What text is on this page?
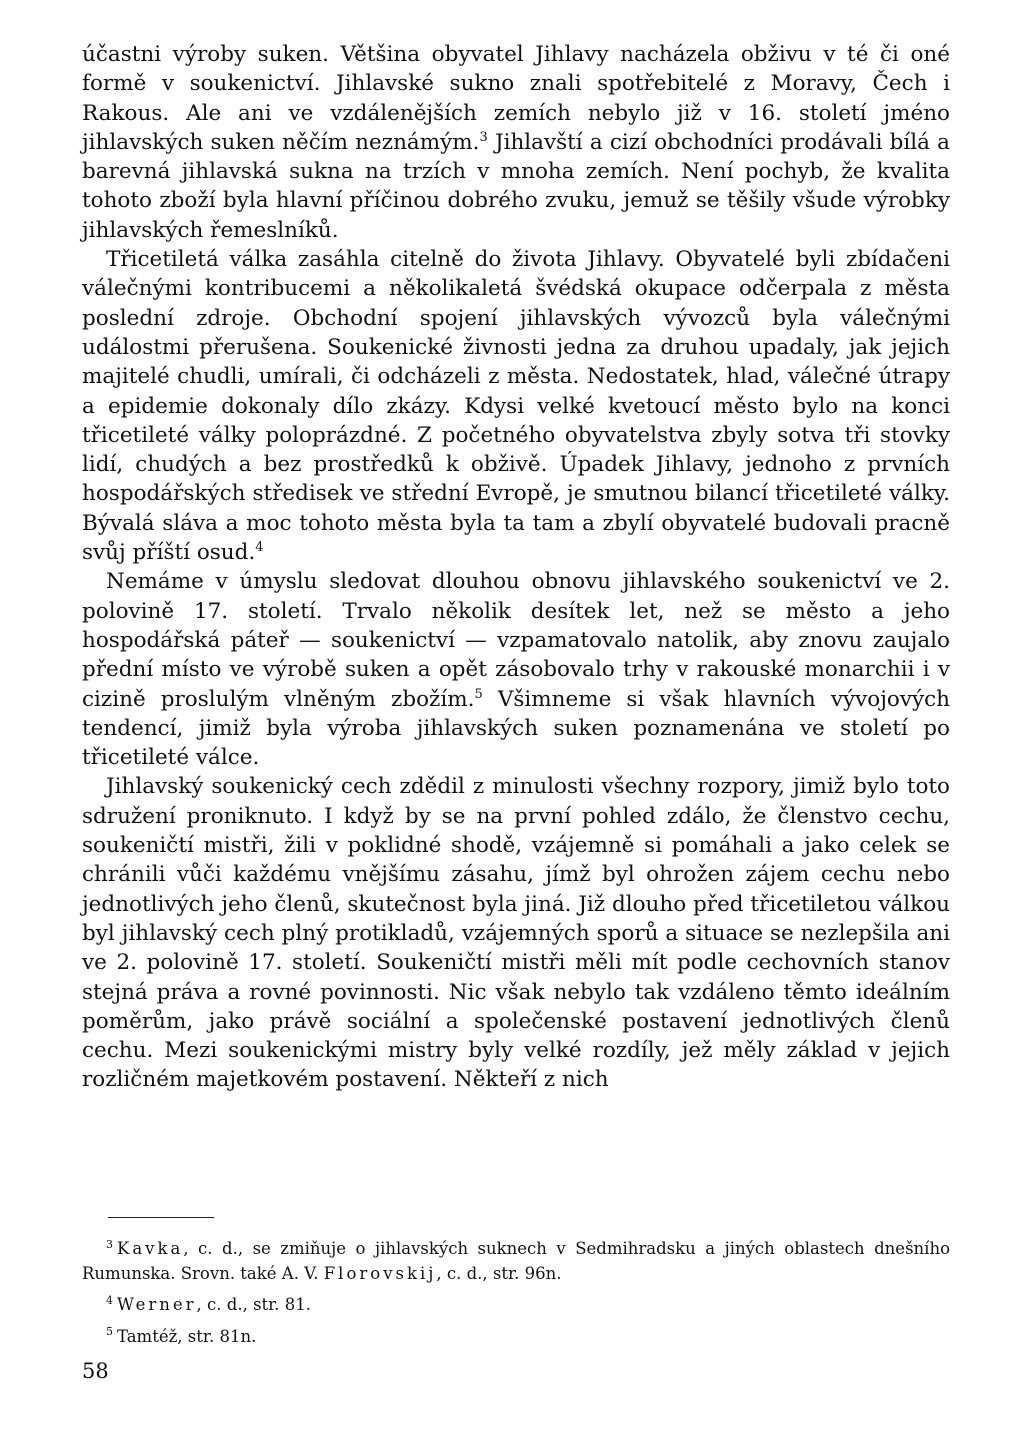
účastni výroby suken. Většina obyvatel Jihlavy nacházela obživu v té či oné formě v soukenictví. Jihlavské sukno znali spotřebitelé z Moravy, Čech i Rakous. Ale ani ve vzdálenějších zemích nebylo již v 16. století jméno jihlavských suken něčím neznámým.$^3$ Jihlavští a cizí obchodníci prodávali bílá a barevná jihlavská sukna na trzích v mnoha zemích. Není pochyb, že kvalita tohoto zboží byla hlavní příčinou dobrého zvuku, jemuž se těšily všude výrobky jihlavských řemeslníků.

Třicetiletá válka zasáhla citelně do života Jihlavy. Obyvatelé byli zbídačeni válečnými kontribucemi a několikaletá švédská okupace odčerpala z města poslední zdroje. Obchodní spojení jihlavských vývozců byla válečnými událostmi přerušena. Soukenické živnosti jedna za druhou upadaly, jak jejich majitelé chudli, umírali, či odcházeli z města. Nedostatek, hlad, válečné útrapy a epidemie dokonaly dílo zkázy. Kdysi velké kvetoucí město bylo na konci třicetileté války poloprázdné. Z početného obyvatelstva zbyly sotva tři stovky lidí, chudých a bez prostředků k obživě. Úpadek Jihlavy, jednoho z prvních hospodářských středisek ve střední Evropě, je smutnou bilancí třicetileté války. Bývalá sláva a moc tohoto města byla ta tam a zbylí obyvatelé budovali pracně svůj příští osud.$^4$

Nemáme v úmyslu sledovat dlouhou obnovu jihlavského soukenictví ve 2. polovině 17. století. Trvalo několik desítek let, než se město a jeho hospodářská páteř — soukenictví — vzpamatovalo natolik, aby znovu zaujalo přední místo ve výrobě suken a opět zásobovalo trhy v rakouské monarchii i v cizině proslulým vlněným zbožím.$^5$ Všimneme si však hlavních vývojových tendencí, jimiž byla výroba jihlavských suken poznamenána ve století po třicetileté válce.

Jihlavský soukenický cech zdědil z minulosti všechny rozpory, jimiž bylo toto sdružení proniknuto. I když by se na první pohled zdálo, že členstvo cechu, soukeničtí mistři, žili v poklidné shodě, vzájemně si pomáhali a jako celek se chránili vůči každému vnějšímu zásahu, jímž byl ohrožen zájem cechu nebo jednotlivých jeho členů, skutečnost byla jiná. Již dlouho před třicetiletou válkou byl jihlavský cech plný protikladů, vzájemných sporů a situace se nezlepšila ani ve 2. polovině 17. století. Soukeničtí mistři měli mít podle cechovních stanov stejná práva a rovné povinnosti. Nic však nebylo tak vzdáleno těmto ideálním poměrům, jako právě sociální a společenské postavení jednotlivých členů cechu. Mezi soukenickými mistry byly velké rozdíly, jež měly základ v jejich rozličném majetkovém postavení. Někteří z nich

$^3$ Kavka, c. d., se zmiňuje o jihlavských suknech v Sedmihradsku a jiných oblastech dnešního Rumunska. Srovn. také A. V. Florovskij, c. d., str. 96n.

$^4$ Werner, c. d., str. 81.

$^5$ Tamtéž, str. 81n.

58
